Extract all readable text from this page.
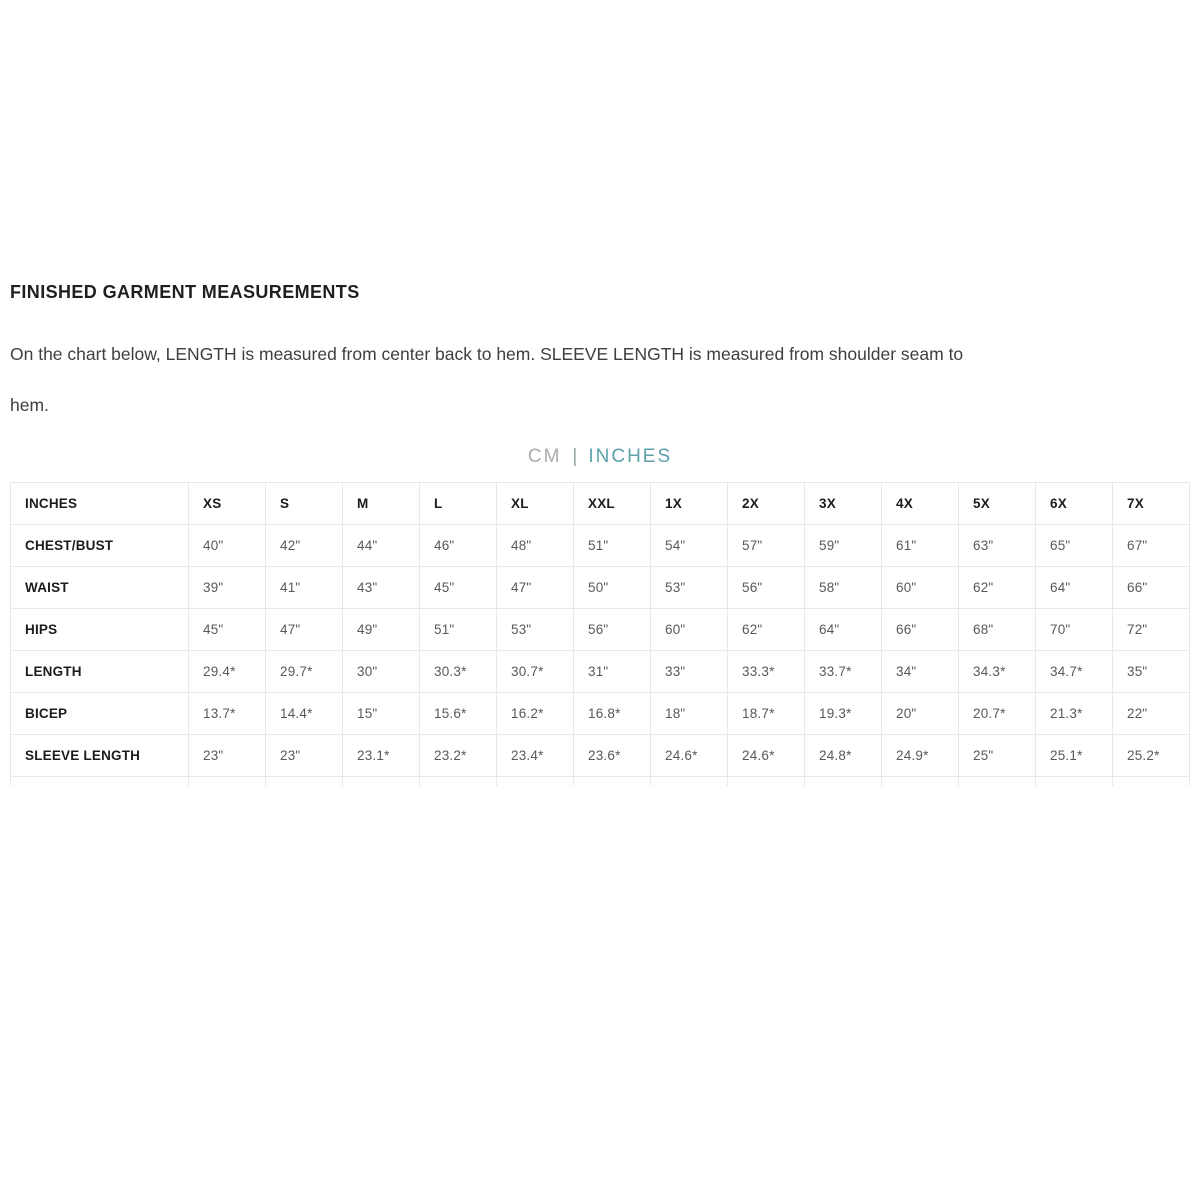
FINISHED GARMENT MEASUREMENTS

On the chart below, LENGTH is measured from center back to hem. SLEEVE LENGTH is measured from shoulder seam to
hem.

CM | INCHES
INCHES	XS	S	M	L	XL	XXL	1X	2X	3X	4X	5X	6X	7X
CHEST/BUST	40"	42"	44"	46"	48"	51"	54"	57"	59"	61"	63"	65"	67"
WAIST	39"	41"	43"	45"	47"	50"	53"	56"	58"	60"	62"	64"	66"
HIPS	45"	47"	49"	51"	53"	56"	60"	62"	64"	66"	68"	70"	72"
LENGTH	29.4*	29.7*	30"	30.3*	30.7*	31"	33"	33.3*	33.7*	34"	34.3*	34.7*	35"
BICEP	13.7*	14.4*	15"	15.6*	16.2*	16.8*	18"	18.7*	19.3*	20"	20.7*	21.3*	22"
SLEEVE LENGTH	23"	23"	23.1*	23.2*	23.4*	23.6*	24.6*	24.6*	24.8*	24.9*	25"	25.1*	25.2*
